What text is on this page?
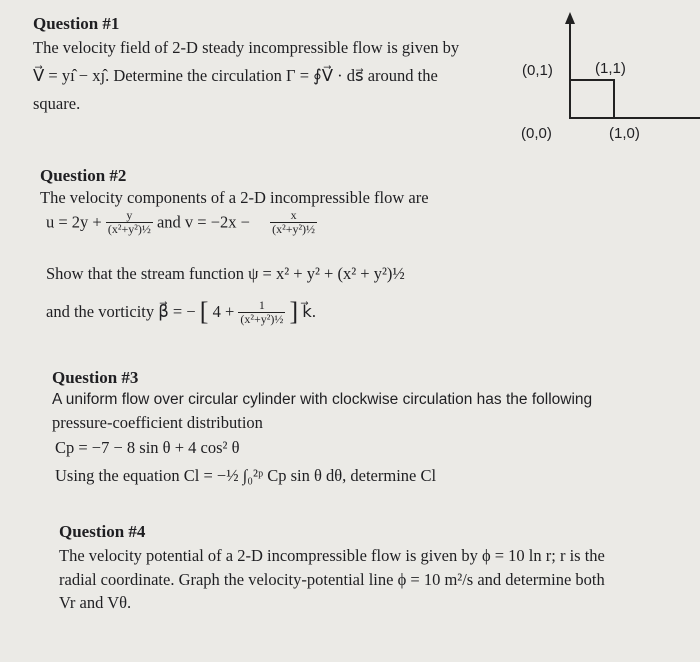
Question #1
The velocity field of 2-D steady incompressible flow is given by
V⃗ = yı̂ − xȷ̂. Determine the circulation Γ = ∮V⃗ · ds⃗ around the
square.
(0,1)	(1,1)
(0,0)	(1,0)
Question #2
The velocity components of a 2-D incompressible flow are
$u = 2y + \frac{y}{\text{(x²+y²)½}}$ and $v = -2x - \frac{x}{\text{(x²+y²)½}}$
Show that the stream function ψ = x² + y² + (x² + y²)½
and the vorticity β⃗ = − [ $4 + \frac{1}{\text{(x²+y²)½}}$ ] k⃗.
Question #3
A uniform flow over circular cylinder with clockwise circulation has the following
pressure-coefficient distribution
Cp = −7 − 8 sin θ + 4 cos² θ
Using the equation Cl = −½ ∫₀²ᵖ Cp sin θ dθ, determine Cl
Question #4
The velocity potential of a 2-D incompressible flow is given by ϕ = 10 ln r; r is the
radial coordinate. Graph the velocity-potential line ϕ = 10 m²/s and determine both
Vr and Vθ.
